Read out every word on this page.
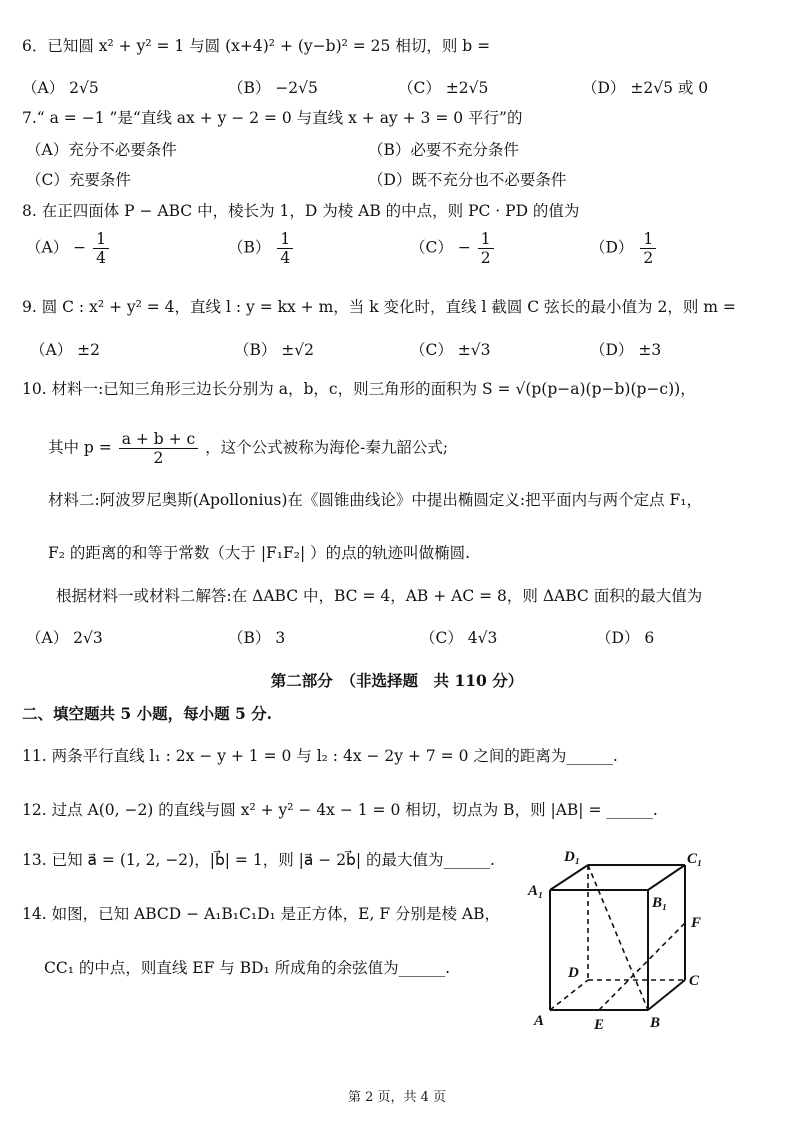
6．已知圆 x² + y² = 1 与圆 (x+4)² + (y−b)² = 25 相切，则 b =
（A） 2√5	（B） −2√5	（C） ±2√5	（D） ±2√5 或 0
7.“ a = −1 ”是“直线 ax + y − 2 = 0 与直线 x + ay + 3 = 0 平行”的
（A）充分不必要条件	（B）必要不充分条件
（C）充要条件	（D）既不充分也不必要条件
8. 在正四面体 P − ABC 中，棱长为 1，D 为棱 AB 的中点，则 PC · PD 的值为
$(A) - \frac{1}{4}$	$(B) \frac{1}{4}$	$(C) - \frac{1}{2}$	$(D) \frac{1}{2}$
9. 圆 C : x² + y² = 4，直线 l : y = kx + m，当 k 变化时，直线 l 截圆 C 弦长的最小值为 2，则 m =
（A） ±2	（B） ±√2	（C） ±√3	（D） ±3
10. 材料一:已知三角形三边长分别为 a，b，c，则三角形的面积为 S = √(p(p−a)(p−b)(p−c))，
其中 $p = \frac{a + b + c}{2}$ ，这个公式被称为海伦-秦九韶公式;
材料二:阿波罗尼奥斯(Apollonius)在《圆锥曲线论》中提出椭圆定义:把平面内与两个定点 F₁，
F₂ 的距离的和等于常数（大于 |F₁F₂| ）的点的轨迹叫做椭圆.
根据材料一或材料二解答:在 ΔABC 中，BC = 4，AB + AC = 8，则 ΔABC 面积的最大值为
（A） 2√3	（B） 3	（C） 4√3	（D） 6
第二部分　（非选择题　共 110 分）
二、填空题共 5 小题，每小题 5 分.
11. 两条平行直线 l₁ : 2x − y + 1 = 0 与 l₂ : 4x − 2y + 7 = 0 之间的距离为______.
12. 过点 A(0, −2) 的直线与圆 x² + y² − 4x − 1 = 0 相切，切点为 B，则 |AB| = ______.
13. 已知 a⃗ = (1, 2, −2)，|b⃗| = 1，则 |a⃗ − 2b⃗| 的最大值为______.
14. 如图，已知 ABCD − A₁B₁C₁D₁ 是正方体，E, F 分别是棱 AB，
CC₁ 的中点，则直线 EF 与 BD₁ 所成角的余弦值为______.
D₁	C₁
A₁
B₁
F
D	C
A	E	B
第 2 页，共 4 页
